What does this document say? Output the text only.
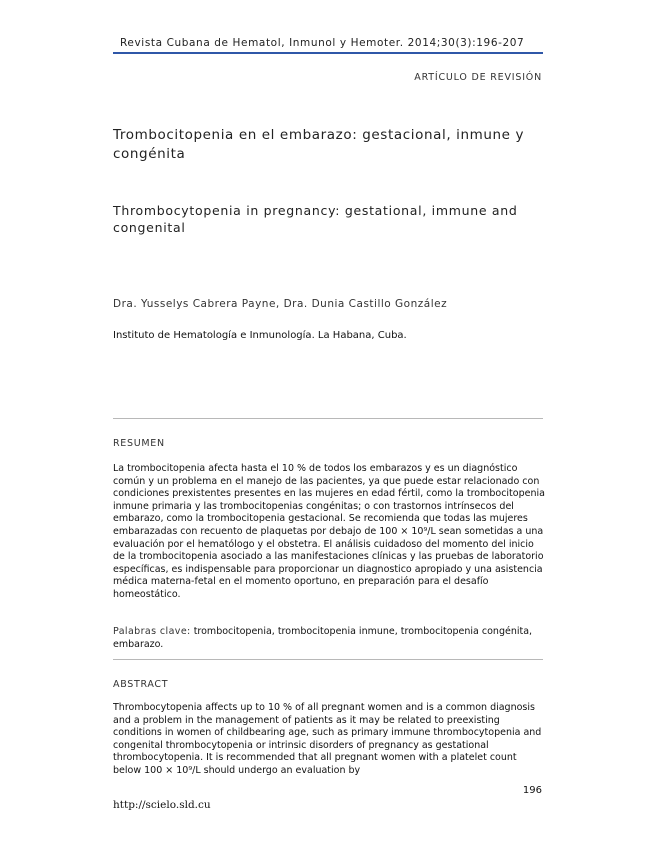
Revista Cubana de Hematol, Inmunol y Hemoter. 2014;30(3):196-207
ARTÍCULO DE REVISIÓN
Trombocitopenia en el embarazo: gestacional, inmune y congénita
Thrombocytopenia in pregnancy: gestational, immune and congenital
Dra. Yusselys Cabrera Payne, Dra. Dunia Castillo González
Instituto de Hematología e Inmunología. La Habana, Cuba.
RESUMEN
La trombocitopenia afecta hasta el 10 % de todos los embarazos y es un diagnóstico común y un problema en el manejo de las pacientes, ya que puede estar relacionado con condiciones prexistentes presentes en las mujeres en edad fértil, como la trombocitopenia inmune primaria y las trombocitopenias congénitas; o con trastornos intrínsecos del embarazo, como la trombocitopenia gestacional. Se recomienda que todas las mujeres embarazadas con recuento de plaquetas por debajo de 100 × 10⁹/L sean sometidas a una evaluación por el hematólogo y el obstetra. El análisis cuidadoso del momento del inicio de la trombocitopenia asociado a las manifestaciones clínicas y las pruebas de laboratorio específicas, es indispensable para proporcionar un diagnostico apropiado y una asistencia médica materna-fetal en el momento oportuno, en preparación para el desafío homeostático.
Palabras clave: trombocitopenia, trombocitopenia inmune, trombocitopenia congénita, embarazo.
ABSTRACT
Thrombocytopenia affects up to 10 % of all pregnant women and is a common diagnosis and a problem in the management of patients as it may be related to preexisting conditions in women of childbearing age, such as primary immune thrombocytopenia and congenital thrombocytopenia or intrinsic disorders of pregnancy as gestational thrombocytopenia. It is recommended that all pregnant women with a platelet count below 100 × 10⁹/L should undergo an evaluation by
196
http://scielo.sld.cu
